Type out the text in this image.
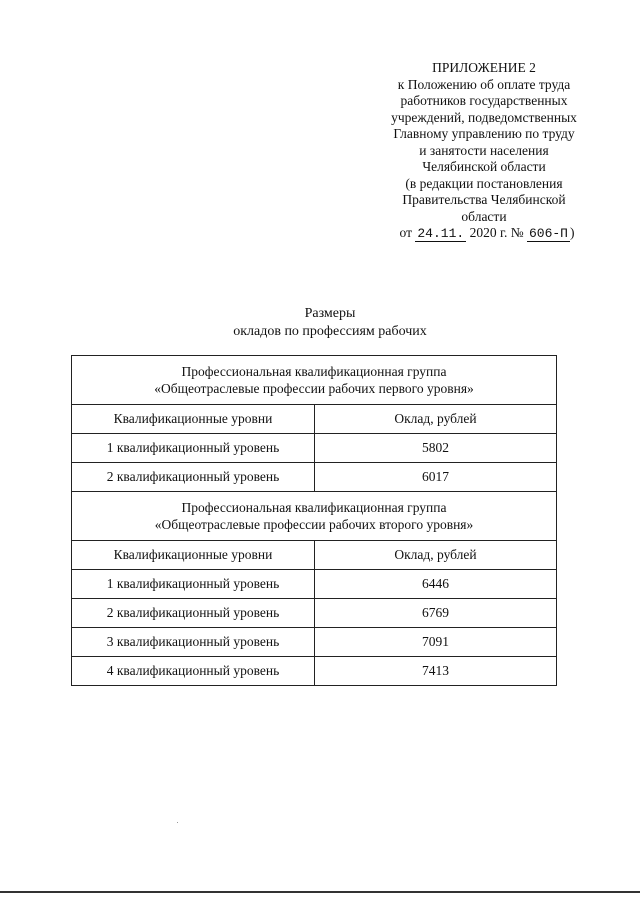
ПРИЛОЖЕНИЕ 2
к Положению об оплате труда
работников государственных
учреждений, подведомственных
Главному управлению по труду
и занятости населения
Челябинской области
(в редакции постановления
Правительства Челябинской
области
от 24.11. 2020 г. № 606-П )
Размеры
окладов по профессиям рабочих
Профессиональная квалификационная группа
«Общеотраслевые профессии рабочих первого уровня»	

Квалификационные уровни	Оклад, рублей
1 квалификационный уровень	5802
2 квалификационный уровень	6017

Профессиональная квалификационная группа
«Общеотраслевые профессии рабочих второго уровня»	

Квалификационные уровни	Оклад, рублей
1 квалификационный уровень	6446
2 квалификационный уровень	6769
3 квалификационный уровень	7091
4 квалификационный уровень	7413
